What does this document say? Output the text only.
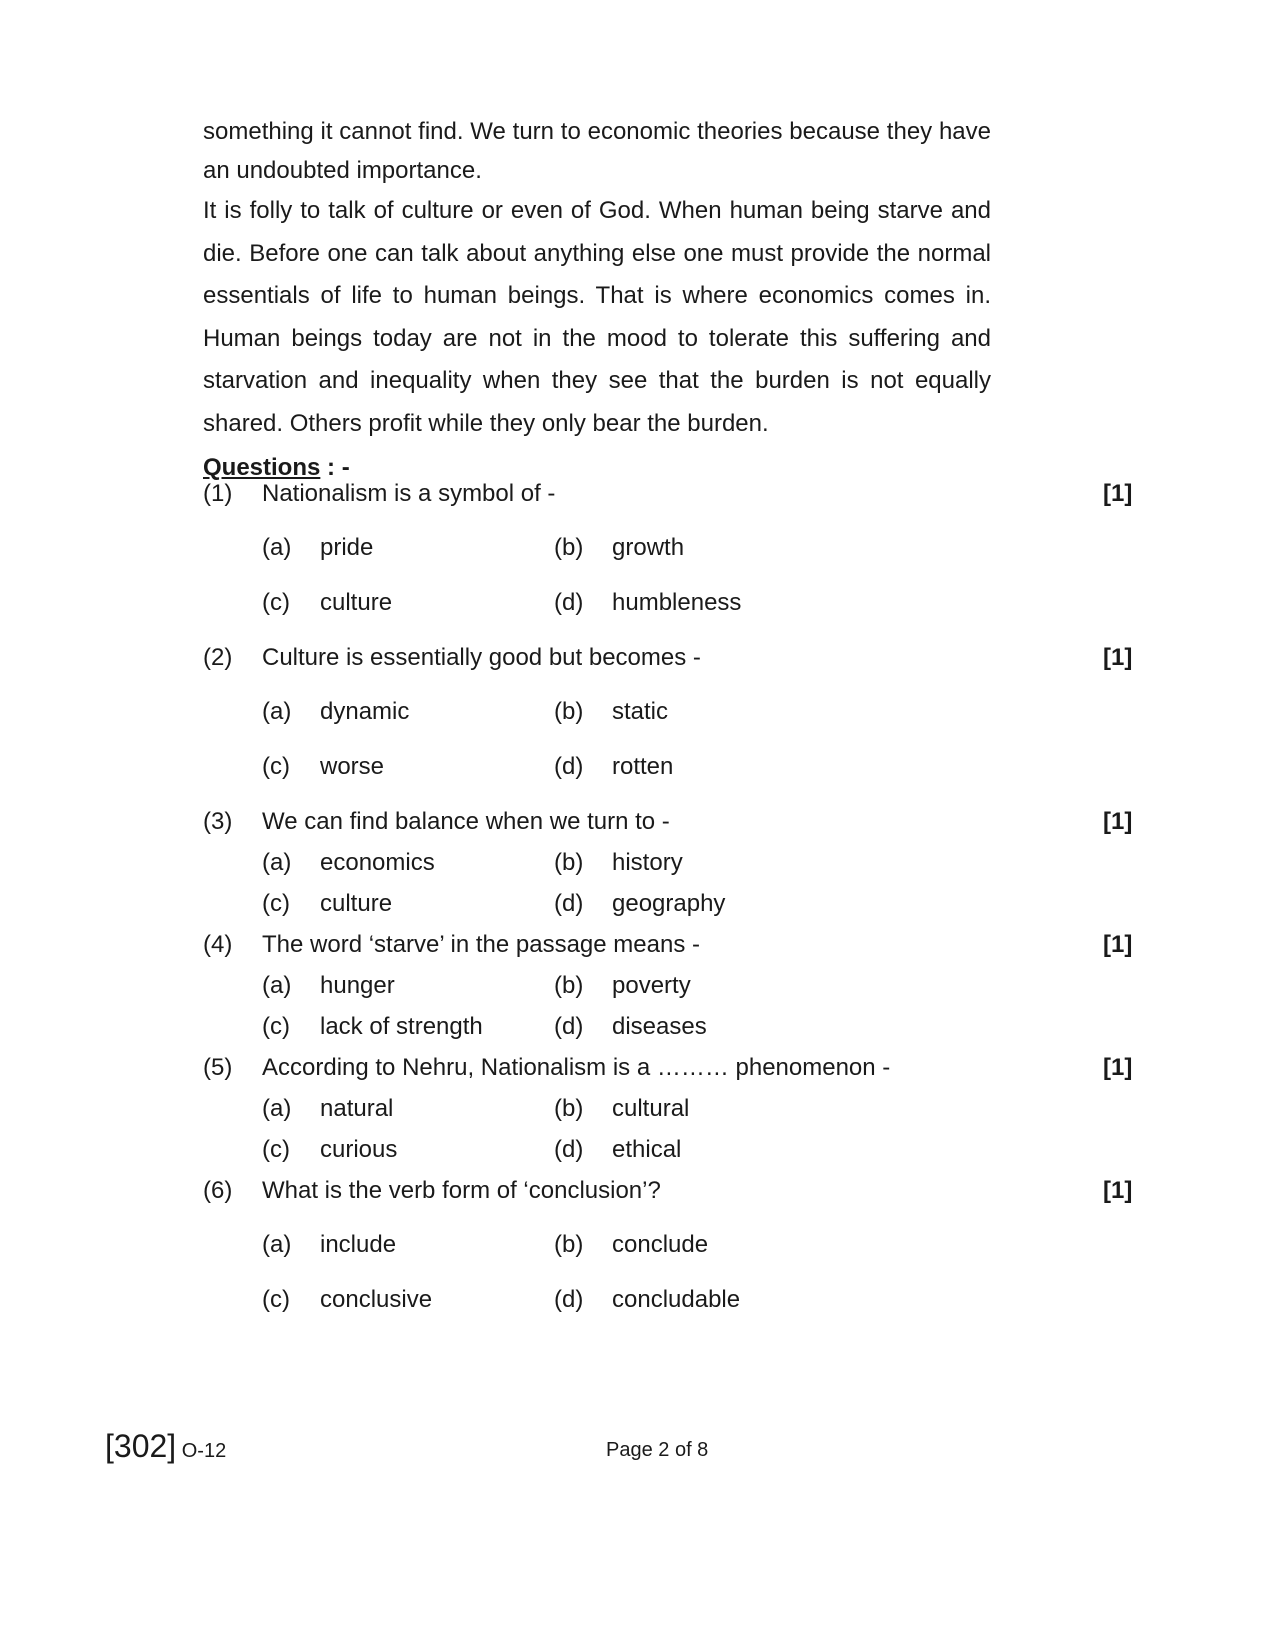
something it cannot find. We turn to economic theories because they have an undoubted importance.

It is folly to talk of culture or even of God. When human being starve and die. Before one can talk about anything else one must provide the normal essentials of life to human beings. That is where economics comes in. Human beings today are not in the mood to tolerate this suffering and starvation and inequality when they see that the burden is not equally shared. Others profit while they only bear the burden.

Questions : -
(1) Nationalism is a symbol of -	[1]
(a) pride	(b) growth
(c) culture	(d) humbleness
(2) Culture is essentially good but becomes -	[1]
(a) dynamic	(b) static
(c) worse	(d) rotten
(3) We can find balance when we turn to -	[1]
(a) economics	(b) history
(c) culture	(d) geography
(4) The word ‘starve’ in the passage means -	[1]
(a) hunger	(b) poverty
(c) lack of strength	(d) diseases
(5) According to Nehru, Nationalism is a ……… phenomenon -	[1]
(a) natural	(b) cultural
(c) curious	(d) ethical
(6) What is the verb form of ‘conclusion’?	[1]
(a) include	(b) conclude
(c) conclusive	(d) concludable
[302] O-12	Page 2 of 8
